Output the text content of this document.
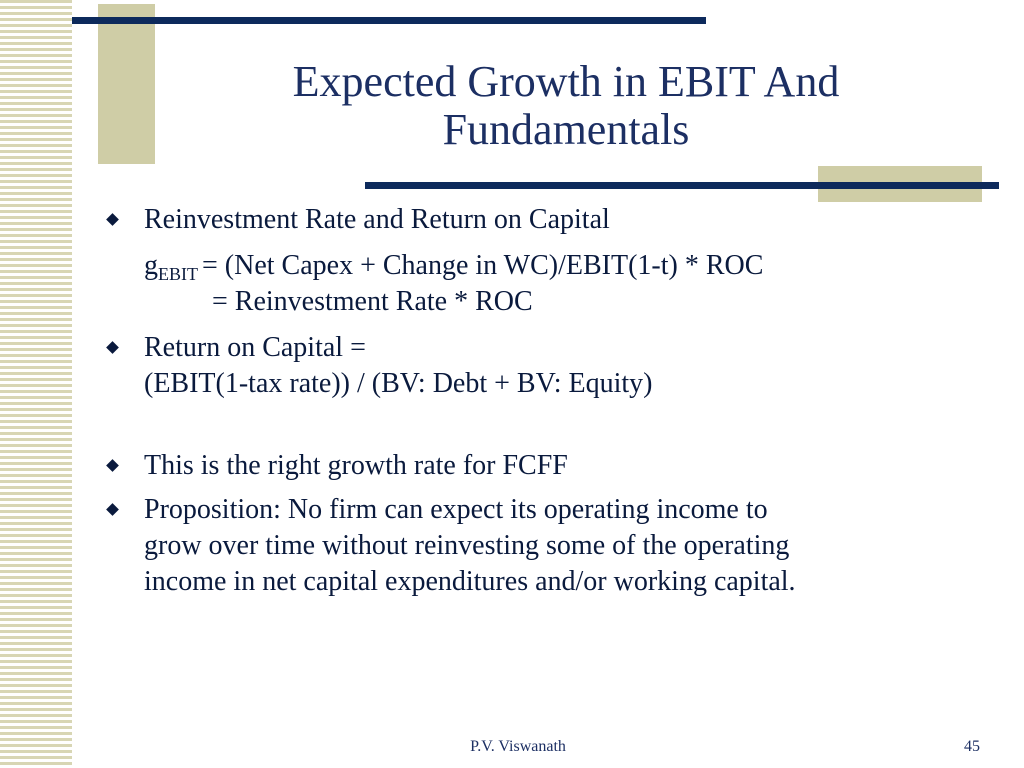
Expected Growth in EBIT And
Fundamentals
Reinvestment Rate and Return on Capital
$g_{EBIT} = (Net$ Capex + Change in WC)/EBIT(1-t) * ROC
= Reinvestment Rate * ROC
Return on Capital =
(EBIT(1-tax rate)) / (BV: Debt + BV: Equity)
This is the right growth rate for FCFF
Proposition: No firm can expect its operating income to
grow over time without reinvesting some of the operating
income in net capital expenditures and/or working capital.
P.V. Viswanath	45
